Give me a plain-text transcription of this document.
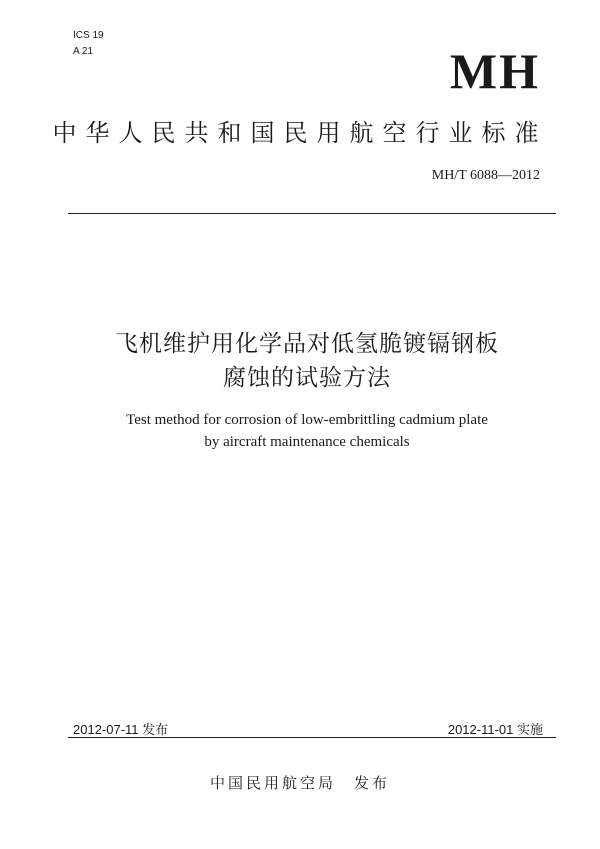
ICS 19
A 21	MH
中华人民共和国民用航空行业标准
MH/T 6088—2012
飞机维护用化学品对低氢脆镀镉钢板
腐蚀的试验方法
Test method for corrosion of low-embrittling cadmium plate
by aircraft maintenance chemicals
2012-07-11 发布	2012-11-01 实施
中国民用航空局 发布
